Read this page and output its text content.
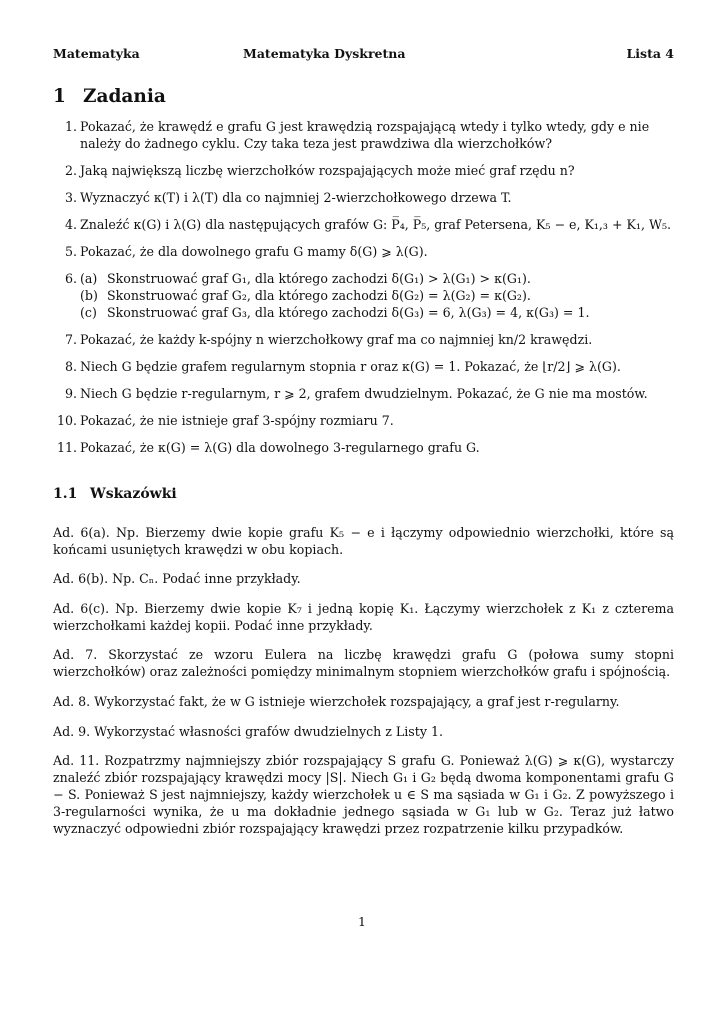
Matematyka	Matematyka Dyskretna	Lista 4
1 Zadania
1. Pokazać, że krawędź e grafu G jest krawędzią rozspajającą wtedy i tylko wtedy, gdy e nie należy do żadnego cyklu. Czy taka teza jest prawdziwa dla wierzchołków?
2. Jaką największą liczbę wierzchołków rozspajających może mieć graf rzędu n?
3. Wyznaczyć κ(T) i λ(T) dla co najmniej 2-wierzchołkowego drzewa T.
4. Znaleźć κ(G) i λ(G) dla następujących grafów G: P̅₄, P̅₅, graf Petersena, K₅ − e, K₁,₃ + K₁, W₅.
5. Pokazać, że dla dowolnego grafu G mamy δ(G) ⩾ λ(G).
6. (a) Skonstruować graf G₁, dla którego zachodzi δ(G₁) > λ(G₁) > κ(G₁).
(b) Skonstruować graf G₂, dla którego zachodzi δ(G₂) = λ(G₂) = κ(G₂).
(c) Skonstruować graf G₃, dla którego zachodzi δ(G₃) = 6, λ(G₃) = 4, κ(G₃) = 1.
7. Pokazać, że każdy k-spójny n wierzchołkowy graf ma co najmniej kn/2 krawędzi.
8. Niech G będzie grafem regularnym stopnia r oraz κ(G) = 1. Pokazać, że ⌊r/2⌋ ⩾ λ(G).
9. Niech G będzie r-regularnym, r ⩾ 2, grafem dwudzielnym. Pokazać, że G nie ma mostów.
10. Pokazać, że nie istnieje graf 3-spójny rozmiaru 7.
11. Pokazać, że κ(G) = λ(G) dla dowolnego 3-regularnego grafu G.
1.1 Wskazówki

Ad. 6(a). Np. Bierzemy dwie kopie grafu K₅ − e i łączymy odpowiednio wierzchołki, które są końcami usuniętych krawędzi w obu kopiach.

Ad. 6(b). Np. Cₙ. Podać inne przykłady.

Ad. 6(c). Np. Bierzemy dwie kopie K₇ i jedną kopię K₁. Łączymy wierzchołek z K₁ z czterema wierzchołkami każdej kopii. Podać inne przykłady.

Ad. 7. Skorzystać ze wzoru Eulera na liczbę krawędzi grafu G (połowa sumy stopni wierzchołków) oraz zależności pomiędzy minimalnym stopniem wierzchołków grafu i spójnością.

Ad. 8. Wykorzystać fakt, że w G istnieje wierzchołek rozspajający, a graf jest r-regularny.

Ad. 9. Wykorzystać własności grafów dwudzielnych z Listy 1.

Ad. 11. Rozpatrzmy najmniejszy zbiór rozspajający S grafu G. Ponieważ λ(G) ⩾ κ(G), wystarczy znaleźć zbiór rozspajający krawędzi mocy |S|. Niech G₁ i G₂ będą dwoma komponentami grafu G − S. Ponieważ S jest najmniejszy, każdy wierzchołek u ∈ S ma sąsiada w G₁ i G₂. Z powyższego i 3-regularności wynika, że u ma dokładnie jednego sąsiada w G₁ lub w G₂. Teraz już łatwo wyznaczyć odpowiedni zbiór rozspajający krawędzi przez rozpatrzenie kilku przypadków.

1
